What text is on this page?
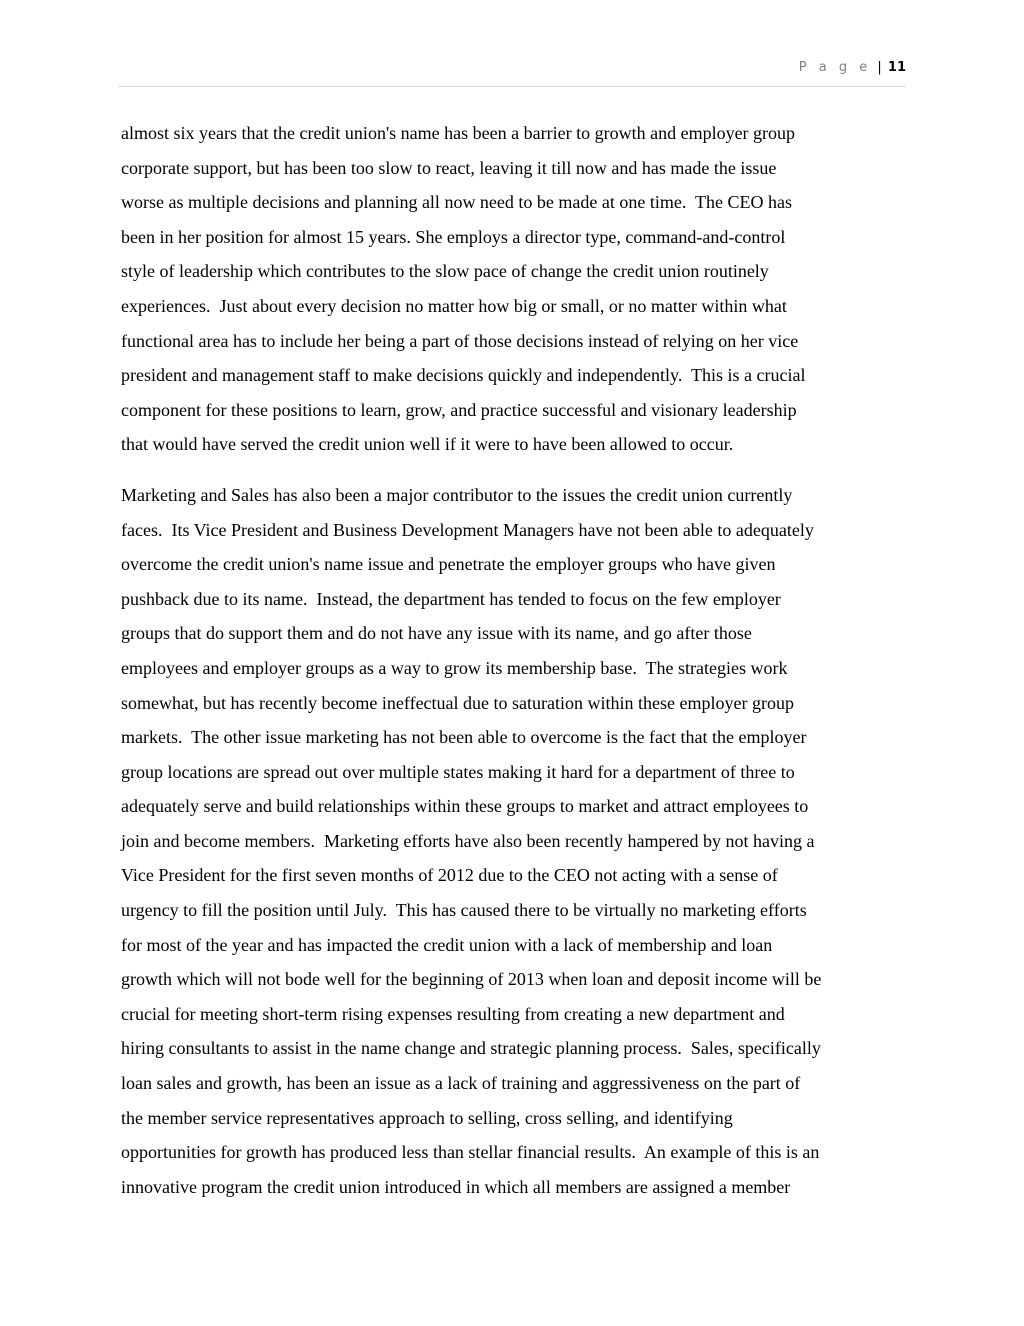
P a g e | 11
almost six years that the credit union's name has been a barrier to growth and employer group
corporate support, but has been too slow to react, leaving it till now and has made the issue
worse as multiple decisions and planning all now need to be made at one time.  The CEO has
been in her position for almost 15 years. She employs a director type, command-and-control
style of leadership which contributes to the slow pace of change the credit union routinely
experiences.  Just about every decision no matter how big or small, or no matter within what
functional area has to include her being a part of those decisions instead of relying on her vice
president and management staff to make decisions quickly and independently.  This is a crucial
component for these positions to learn, grow, and practice successful and visionary leadership
that would have served the credit union well if it were to have been allowed to occur.
Marketing and Sales has also been a major contributor to the issues the credit union currently
faces.  Its Vice President and Business Development Managers have not been able to adequately
overcome the credit union's name issue and penetrate the employer groups who have given
pushback due to its name.  Instead, the department has tended to focus on the few employer
groups that do support them and do not have any issue with its name, and go after those
employees and employer groups as a way to grow its membership base.  The strategies work
somewhat, but has recently become ineffectual due to saturation within these employer group
markets.  The other issue marketing has not been able to overcome is the fact that the employer
group locations are spread out over multiple states making it hard for a department of three to
adequately serve and build relationships within these groups to market and attract employees to
join and become members.  Marketing efforts have also been recently hampered by not having a
Vice President for the first seven months of 2012 due to the CEO not acting with a sense of
urgency to fill the position until July.  This has caused there to be virtually no marketing efforts
for most of the year and has impacted the credit union with a lack of membership and loan
growth which will not bode well for the beginning of 2013 when loan and deposit income will be
crucial for meeting short-term rising expenses resulting from creating a new department and
hiring consultants to assist in the name change and strategic planning process.  Sales, specifically
loan sales and growth, has been an issue as a lack of training and aggressiveness on the part of
the member service representatives approach to selling, cross selling, and identifying
opportunities for growth has produced less than stellar financial results.  An example of this is an
innovative program the credit union introduced in which all members are assigned a member
